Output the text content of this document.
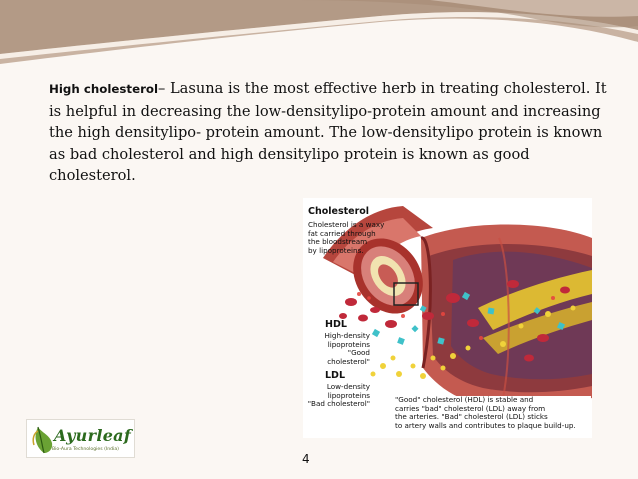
High cholesterol– Lasuna is the most effective herb in treating cholesterol. It is helpful in decreasing the low-densitylipo-protein amount and increasing the high densitylipo- protein amount. The low-densitylipo protein is known as bad cholesterol and high densitylipo protein is known as good cholesterol.
Cholesterol
Cholesterol is a waxy
fat carried through
the bloodstream
by lipoproteins.
HDL
High-density
lipoproteins
"Good cholesterol"
LDL
Low-density
lipoproteins
"Bad cholesterol"	"Good" cholesterol (HDL) is stable and
carries "bad" cholesterol (LDL) away from
the arteries. "Bad" cholesterol (LDL) sticks
to artery walls and contributes to plaque build-up.
Ayurleaf
Bio-Aura Technologies (India)
4
